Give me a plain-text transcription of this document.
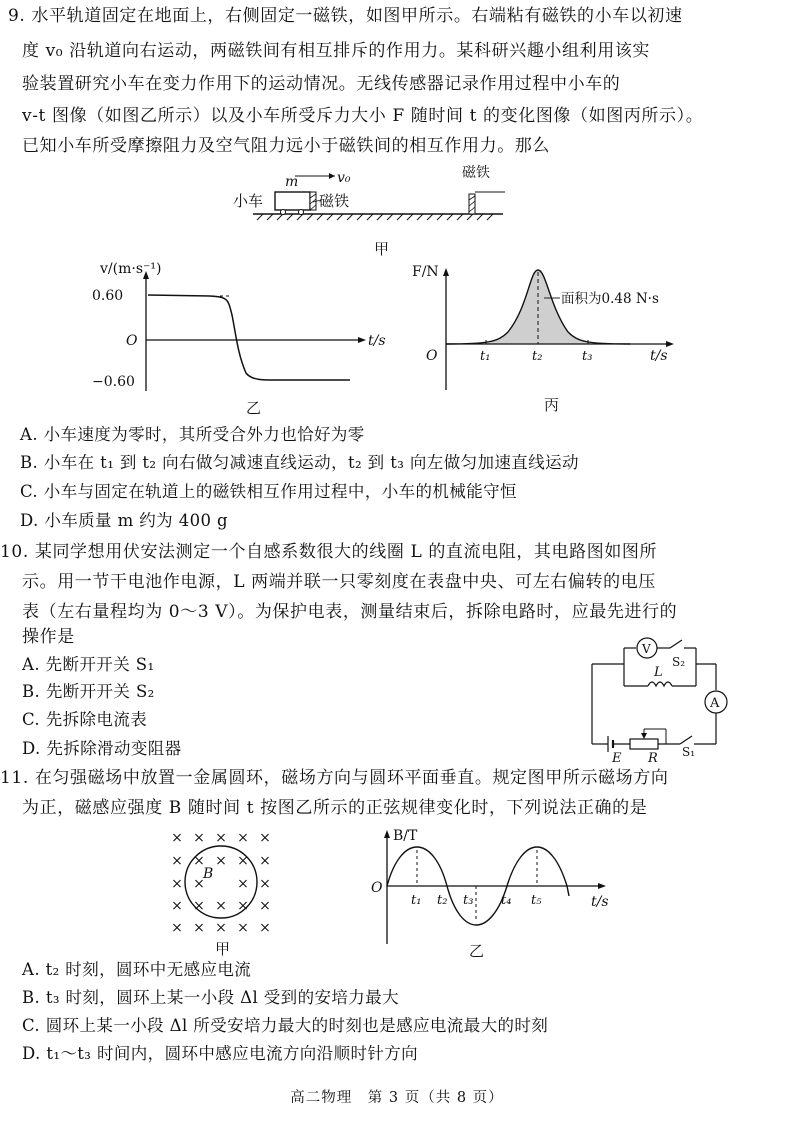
9. 水平轨道固定在地面上，右侧固定一磁铁，如图甲所示。右端粘有磁铁的小车以初速
度 v₀ 沿轨道向右运动，两磁铁间有相互排斥的作用力。某科研兴趣小组利用该实
验装置研究小车在变力作用下的运动情况。无线传感器记录作用过程中小车的
v-t 图像（如图乙所示）以及小车所受斥力大小 F 随时间 t 的变化图像（如图丙所示）。
已知小车所受摩擦阻力及空气阻力远小于磁铁间的相互作用力。那么
小车	磁铁
m	v₀	磁铁
甲
v/(m·s⁻¹)
0.60
O	t/s
−0.60
乙
F/N
O	t₁	t₂	t₃	t/s
面积为0.48 N·s
丙
A. 小车速度为零时，其所受合外力也恰好为零
B. 小车在 t₁ 到 t₂ 向右做匀减速直线运动，t₂ 到 t₃ 向左做匀加速直线运动
C. 小车与固定在轨道上的磁铁相互作用过程中，小车的机械能守恒
D. 小车质量 m 约为 400 g
10. 某同学想用伏安法测定一个自感系数很大的线圈 L 的直流电阻，其电路图如图所
示。用一节干电池作电源，L 两端并联一只零刻度在表盘中央、可左右偏转的电压
表（左右量程均为 0～3 V）。为保护电表，测量结束后，拆除电路时，应最先进行的
操作是
A. 先断开开关 S₁
B. 先断开开关 S₂
C. 先拆除电流表
D. 先拆除滑动变阻器
A
V
S₂
L
E R S₁
11. 在匀强磁场中放置一金属圆环，磁场方向与圆环平面垂直。规定图甲所示磁场方向
为正，磁感应强度 B 随时间 t 按图乙所示的正弦规律变化时，下列说法正确的是
× × × × ×
× × × × ×
× × × ×
× × × × ×
× × × × ×
B
甲
B/T
O
t₁ t₂ t₃ t₄ t₅	t/s
乙
A. t₂ 时刻，圆环中无感应电流
B. t₃ 时刻，圆环上某一小段 Δl 受到的安培力最大
C. 圆环上某一小段 Δl 所受安培力最大的时刻也是感应电流最大的时刻
D. t₁～t₃ 时间内，圆环中感应电流方向沿顺时针方向
高二物理　第 3 页（共 8 页）
